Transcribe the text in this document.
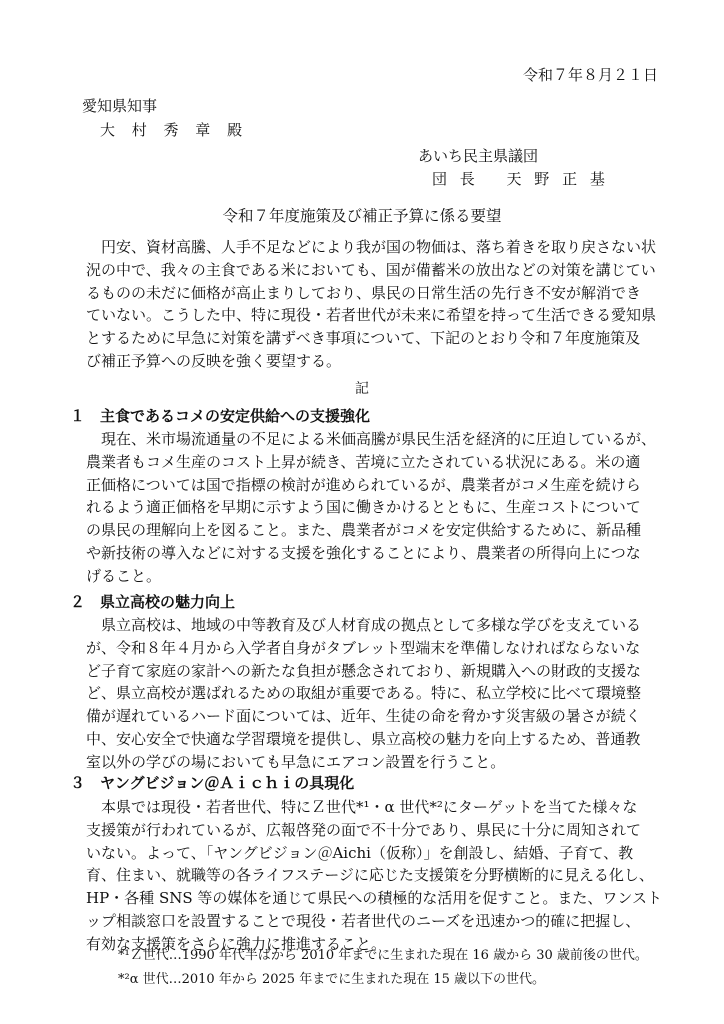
令和７年８月２１日
愛知県知事
大 村 秀 章 殿
あいち民主県議団
団 長　 天 野 正 基
令和７年度施策及び補正予算に係る要望
　円安、資材高騰、人手不足などにより我が国の物価は、落ち着きを取り戻さない状
況の中で、我々の主食である米においても、国が備蓄米の放出などの対策を講じてい
るものの未だに価格が高止まりしており、県民の日常生活の先行き不安が解消でき
ていない。こうした中、特に現役・若者世代が未来に希望を持って生活できる愛知県
とするために早急に対策を講ずべき事項について、下記のとおり令和７年度施策及
び補正予算への反映を強く要望する。
記
１　主食であるコメの安定供給への支援強化
　現在、米市場流通量の不足による米価高騰が県民生活を経済的に圧迫しているが、
農業者もコメ生産のコスト上昇が続き、苦境に立たされている状況にある。米の適
正価格については国で指標の検討が進められているが、農業者がコメ生産を続けら
れるよう適正価格を早期に示すよう国に働きかけるとともに、生産コストについて
の県民の理解向上を図ること。また、農業者がコメを安定供給するために、新品種
や新技術の導入などに対する支援を強化することにより、農業者の所得向上につな
げること。
２　県立高校の魅力向上
　県立高校は、地域の中等教育及び人材育成の拠点として多様な学びを支えている
が、令和８年４月から入学者自身がタブレット型端末を準備しなければならないな
ど子育て家庭の家計への新たな負担が懸念されており、新規購入への財政的支援な
ど、県立高校が選ばれるための取組が重要である。特に、私立学校に比べて環境整
備が遅れているハード面については、近年、生徒の命を脅かす災害級の暑さが続く
中、安心安全で快適な学習環境を提供し、県立高校の魅力を向上するため、普通教
室以外の学びの場においても早急にエアコン設置を行うこと。
３　ヤングビジョン＠Ａｉｃｈｉの具現化
　本県では現役・若者世代、特にＺ世代*¹・α 世代*²にターゲットを当てた様々な
支援策が行われているが、広報啓発の面で不十分であり、県民に十分に周知されて
いない。よって、「ヤングビジョン＠Aichi（仮称）」を創設し、結婚、子育て、教
育、住まい、就職等の各ライフステージに応じた支援策を分野横断的に見える化し、
HP・各種 SNS 等の媒体を通じて県民への積極的な活用を促すこと。また、ワンスト
ップ相談窓口を設置することで現役・若者世代のニーズを迅速かつ的確に把握し、
有効な支援策をさらに強力に推進すること。
*¹Ｚ世代…1990 年代半ばから 2010 年までに生まれた現在 16 歳から 30 歳前後の世代。
*²α 世代…2010 年から 2025 年までに生まれた現在 15 歳以下の世代。
